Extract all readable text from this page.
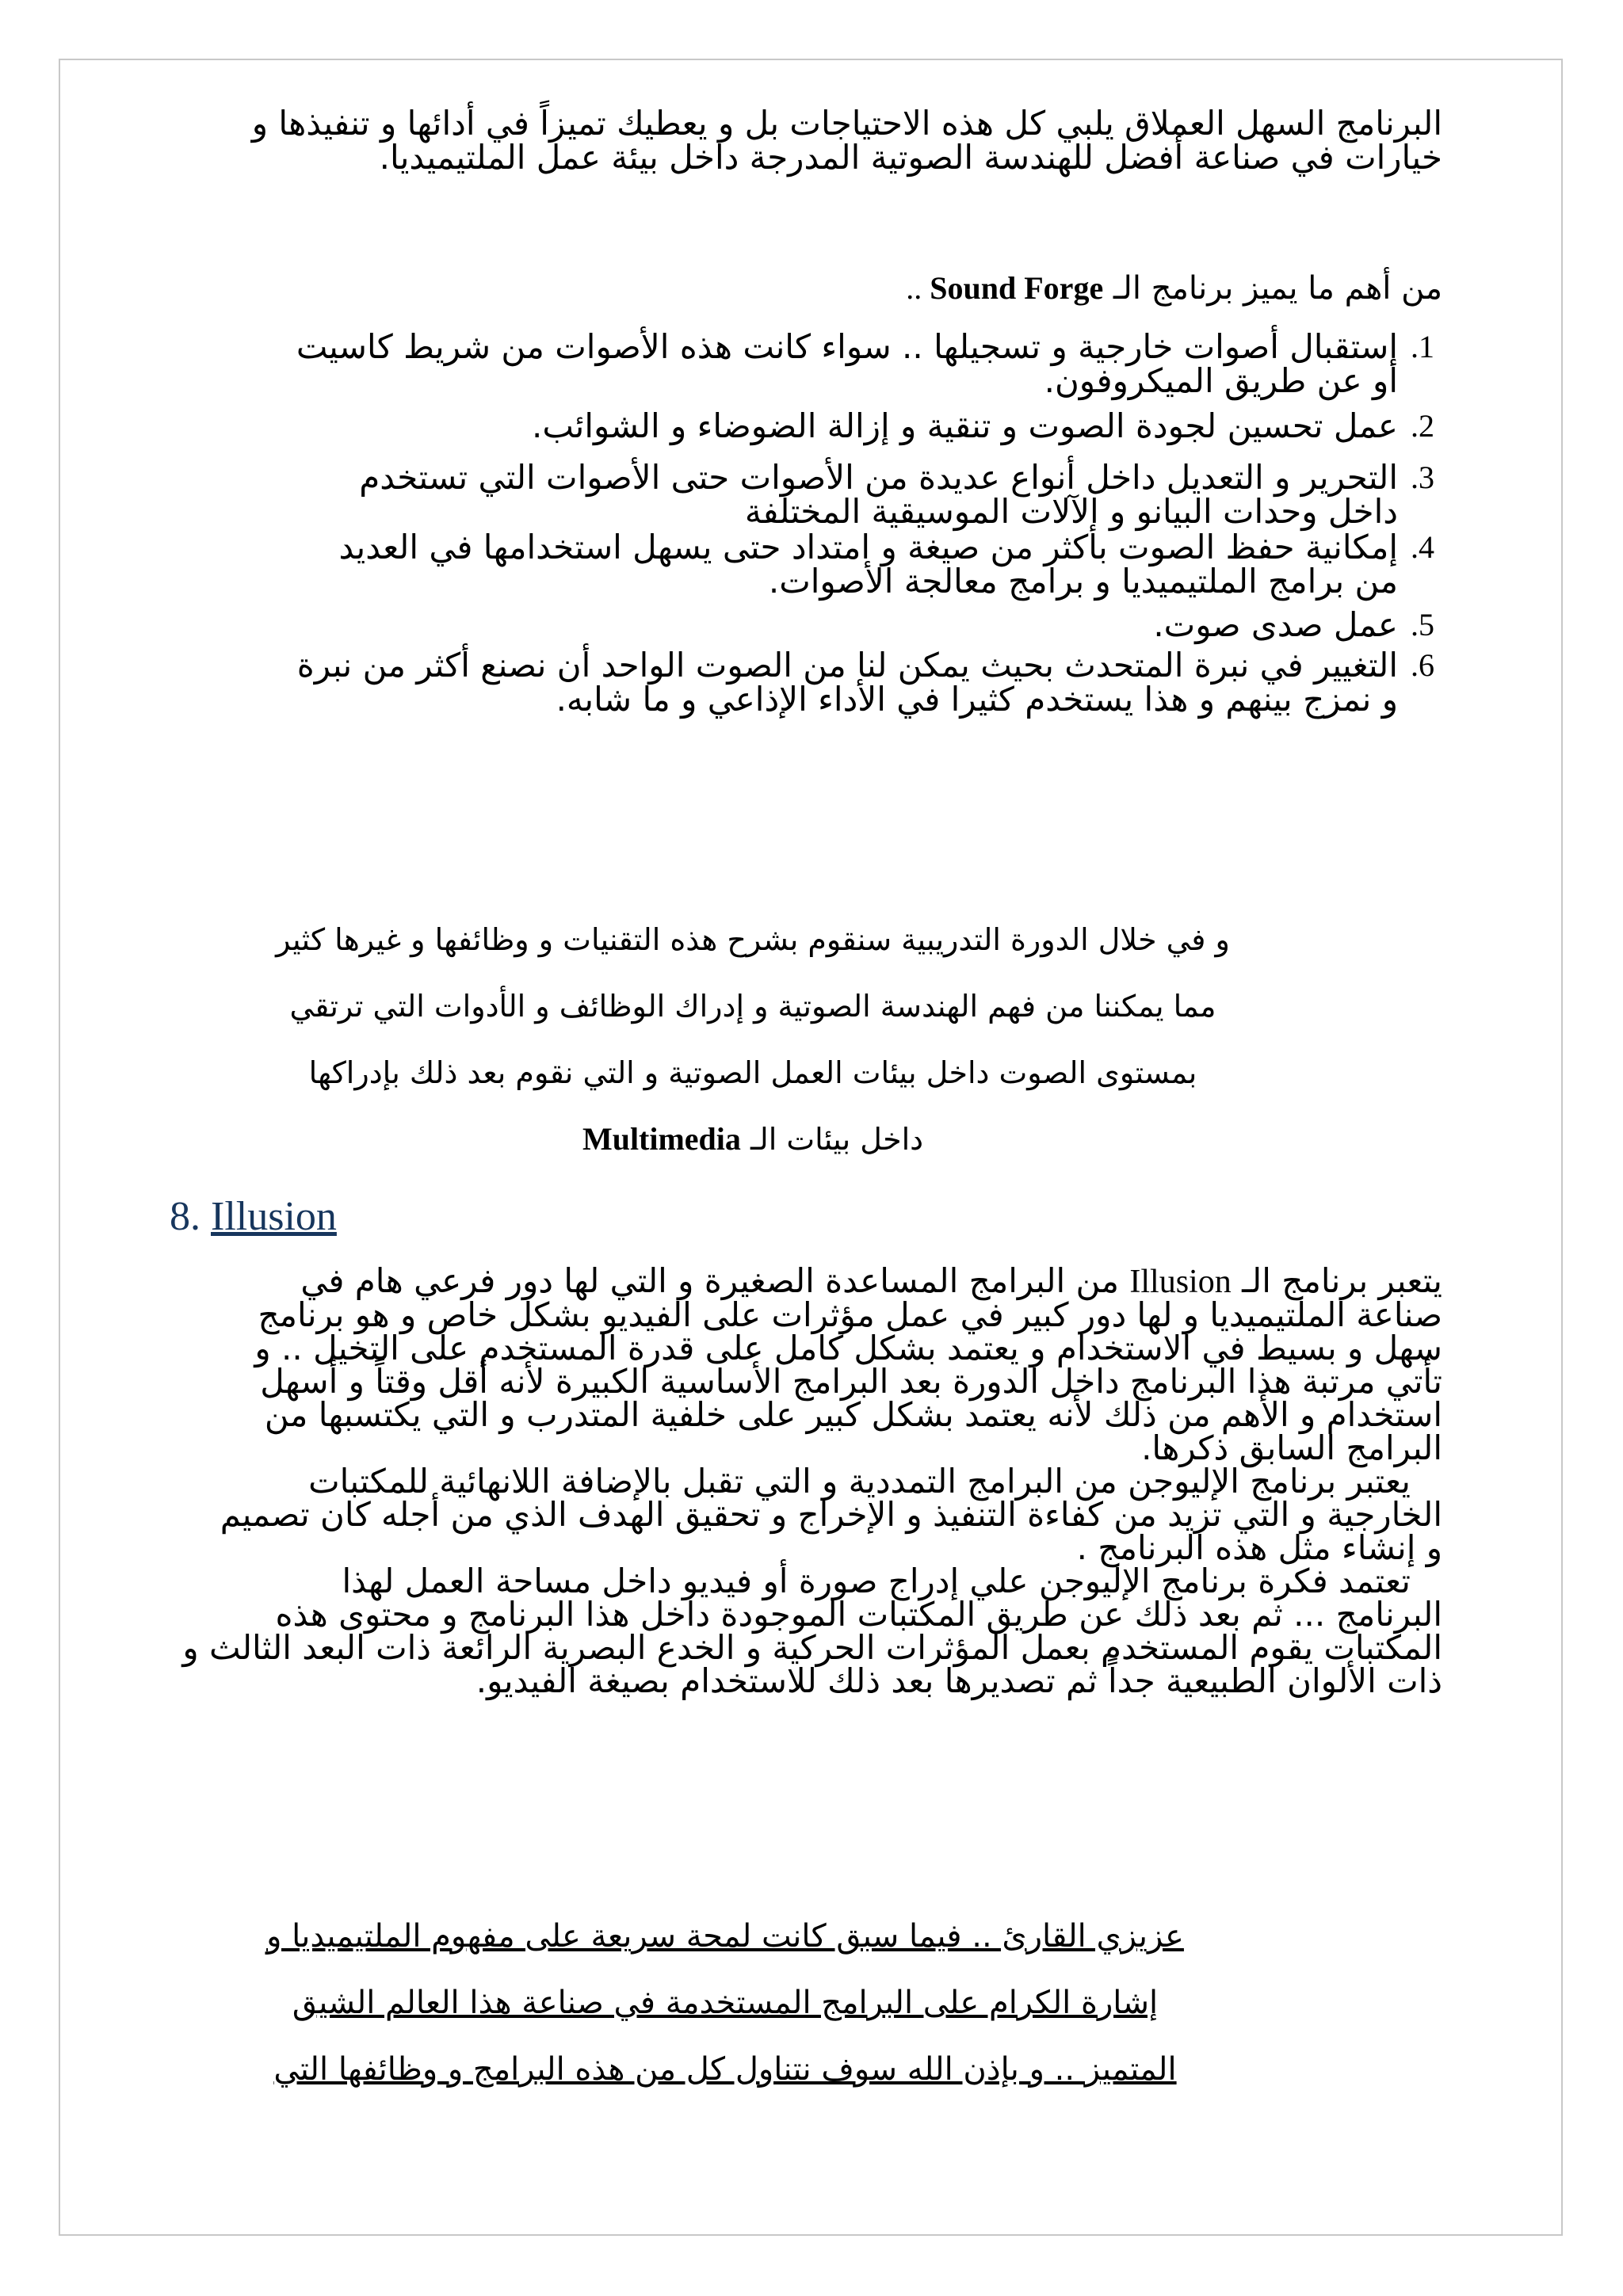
البرنامج السهل العملاق يلبي كل هذه الاحتياجات بل و يعطيك تميزاً في أدائها و تنفيذها و
خيارات في صناعة أفضل للهندسة الصوتية المدرجة داخل بيئة عمل الملتيميديا.
من أهم ما يميز برنامج الـ Sound Forge ..
1.
إستقبال أصوات خارجية و تسجيلها .. سواء كانت هذه الأصوات من شريط كاسيت
أو عن طريق الميكروفون.
2.
عمل تحسين لجودة الصوت و تنقية و إزالة الضوضاء و الشوائب.
3.
التحرير و التعديل داخل أنواع عديدة من الأصوات حتى الأصوات التي تستخدم
داخل وحدات البيانو و الآلات الموسيقية المختلفة
4.
إمكانية حفظ الصوت بأكثر من صيغة و امتداد حتى يسهل استخدامها في العديد
من برامج الملتيميديا و برامج معالجة الأصوات.
5.
عمل صدى صوت.
6.
التغيير في نبرة المتحدث بحيث يمكن لنا من الصوت الواحد أن نصنع أكثر من نبرة
و نمزج بينهم و هذا يستخدم كثيرا في الأداء الإذاعي و ما شابه.
و في خلال الدورة التدريبية سنقوم بشرح هذه التقنيات و وظائفها و غيرها كثير
مما يمكننا من فهم الهندسة الصوتية و إدراك الوظائف و الأدوات التي ترتقي
بمستوى الصوت داخل بيئات العمل الصوتية و التي نقوم بعد ذلك بإدراكها
داخل بيئات الـ Multimedia
8. Illusion
يتعبر برنامج الـ Illusion من البرامج المساعدة الصغيرة و التي لها دور فرعي هام في
صناعة الملتيميديا و لها دور كبير في عمل مؤثرات على الفيديو بشكل خاص و هو برنامج
سهل و بسيط في الاستخدام و يعتمد بشكل كامل على قدرة المستخدم على التخيل .. و
تأتي مرتبة هذا البرنامج داخل الدورة بعد البرامج الأساسية الكبيرة لأنه أقل وقتاً و أسهل
استخدام و الأهم من ذلك لأنه يعتمد بشكل كبير على خلفية المتدرب و التي يكتسبها من
البرامج السابق ذكرها.
يعتبر برنامج الإليوجن من البرامج التمددية و التي تقبل بالإضافة اللانهائية للمكتبات
الخارجية و التي تزيد من كفاءة التنفيذ و الإخراج و تحقيق الهدف الذي من أجله كان تصميم
و إنشاء مثل هذه البرنامج .
تعتمد فكرة برنامج الإليوجن علي إدراج صورة أو فيديو داخل مساحة العمل لهذا
البرنامج ... ثم بعد ذلك عن طريق المكتبات الموجودة داخل هذا البرنامج و محتوى هذه
المكتبات يقوم المستخدم بعمل المؤثرات الحركية و الخدع البصرية الرائعة ذات البعد الثالث و
ذات الألوان الطبيعية جداً ثم تصديرها بعد ذلك للاستخدام بصيغة الفيديو.
عزيزي القارئ .. فيما سبق كانت لمحة سريعة على مفهوم الملتيميديا و
إشارة الكرام على البرامج المستخدمة في صناعة هذا العالم الشيق
المتميز .. و بإذن الله سوف نتناول كل من هذه البرامج و وظائفها التي
